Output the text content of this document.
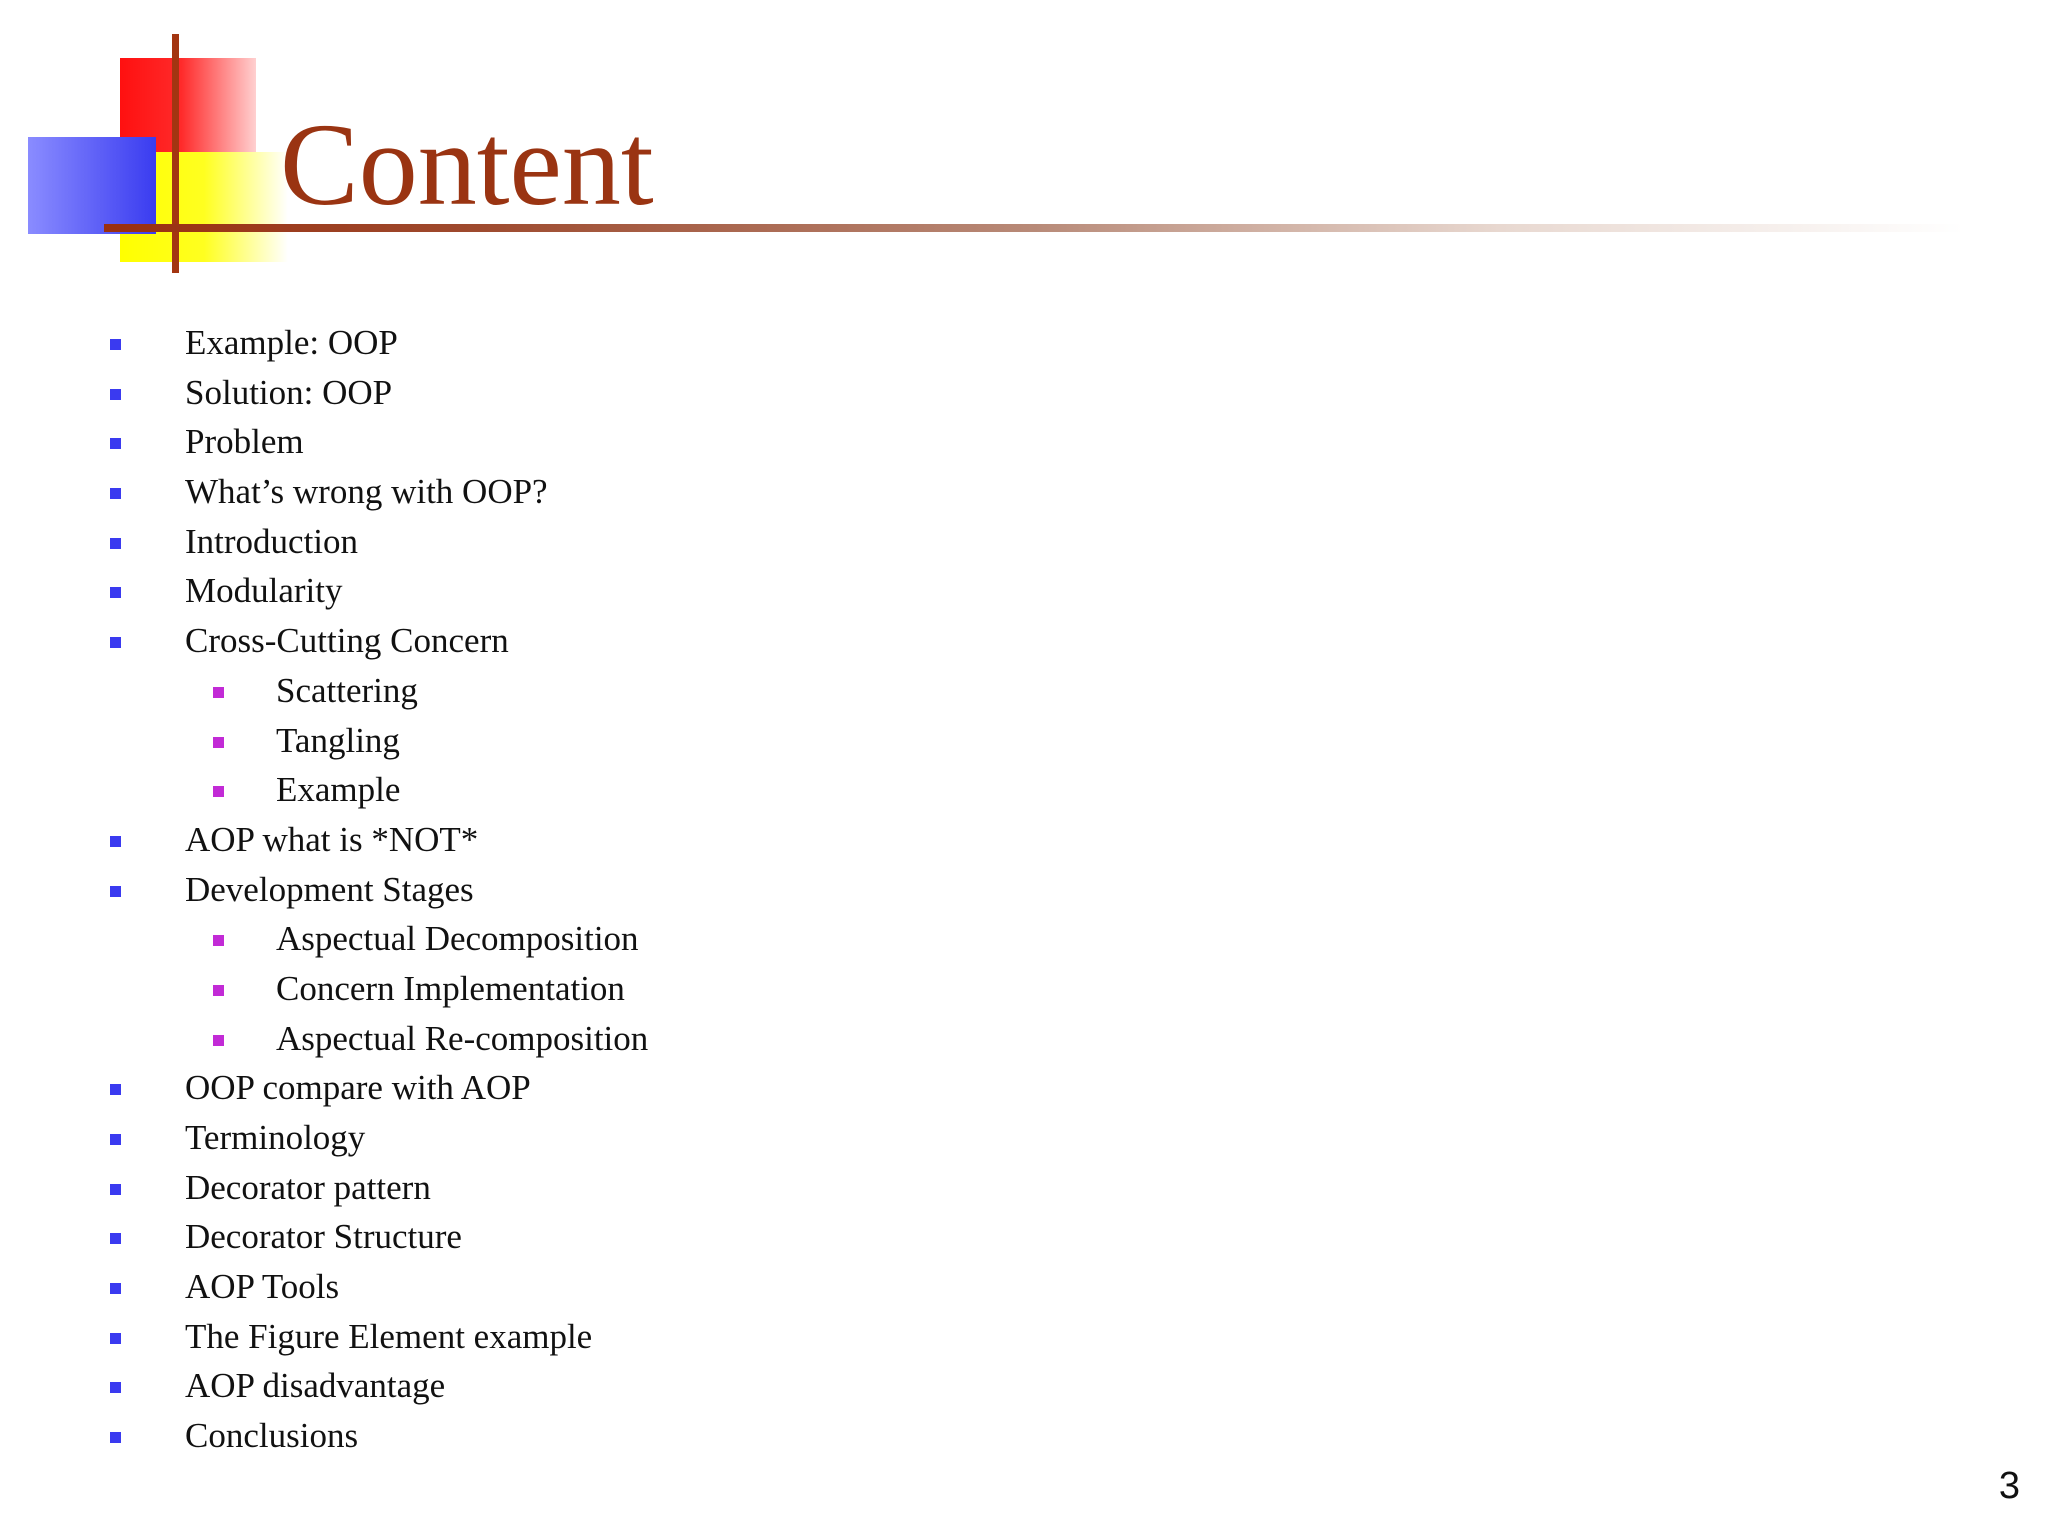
Content
Example: OOP
Solution: OOP
Problem
What’s wrong with OOP?
Introduction
Modularity
Cross-Cutting Concern
Scattering
Tangling
Example
AOP what is *NOT*
Development Stages
Aspectual Decomposition
Concern Implementation
Aspectual Re-composition
OOP compare with AOP
Terminology
Decorator pattern
Decorator Structure
AOP Tools
The Figure Element example
AOP disadvantage
Conclusions
3
